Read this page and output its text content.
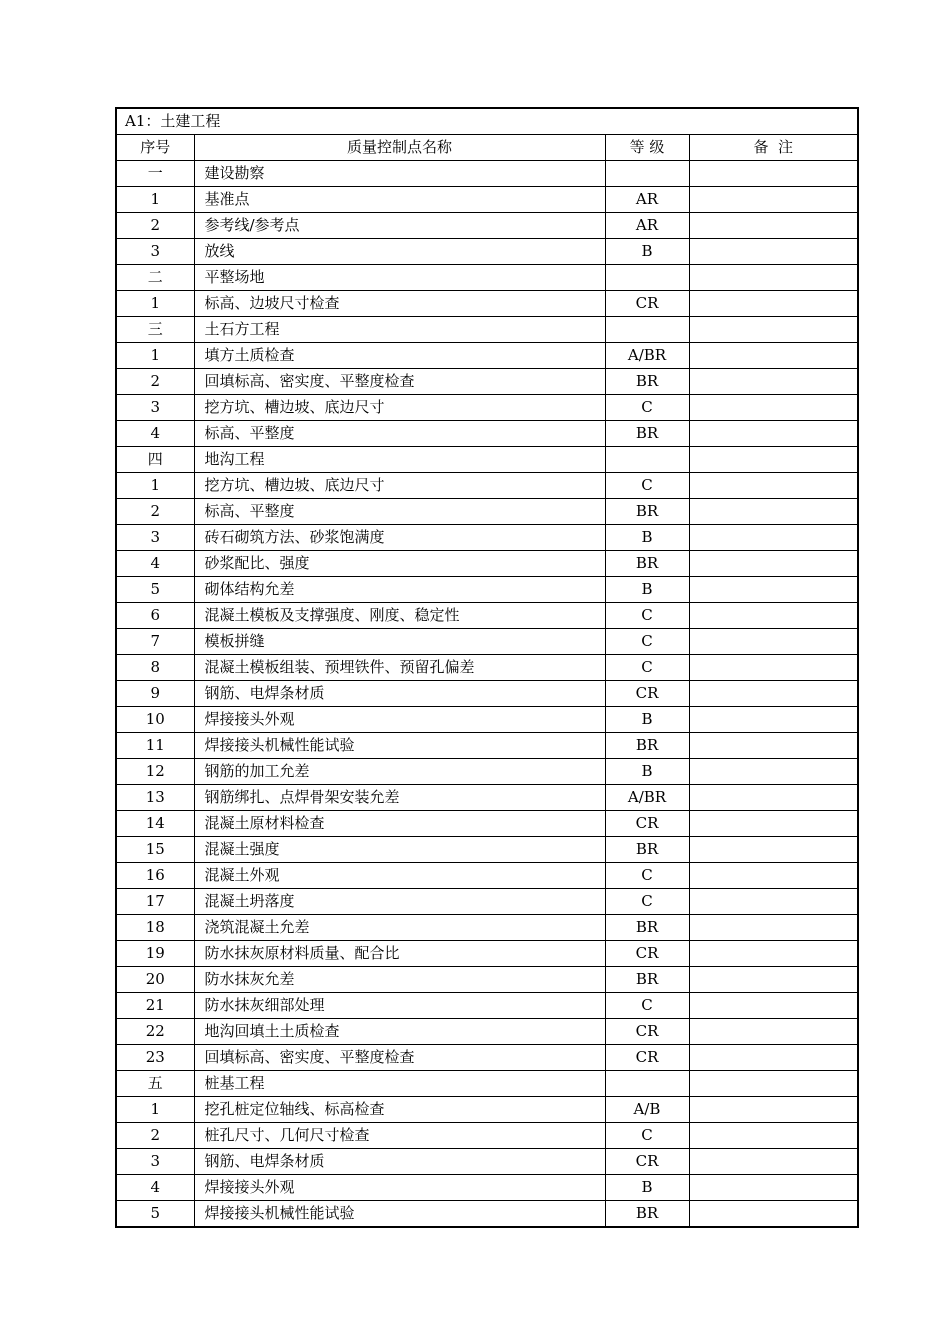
A1：土建工程			
序号	质量控制点名称	等 级	备  注
一	建设勘察		
1	基准点	AR	
2	参考线/参考点	AR	
3	放线	B	
二	平整场地		
1	标高、边坡尺寸检查	CR	
三	土石方工程		
1	填方土质检查	A/BR	
2	回填标高、密实度、平整度检查	BR	
3	挖方坑、槽边坡、底边尺寸	C	
4	标高、平整度	BR	
四	地沟工程		
1	挖方坑、槽边坡、底边尺寸	C	
2	标高、平整度	BR	
3	砖石砌筑方法、砂浆饱满度	B	
4	砂浆配比、强度	BR	
5	砌体结构允差	B	
6	混凝土模板及支撑强度、刚度、稳定性	C	
7	模板拼缝	C	
8	混凝土模板组装、预埋铁件、预留孔偏差	C	
9	钢筋、电焊条材质	CR	
10	焊接接头外观	B	
11	焊接接头机械性能试验	BR	
12	钢筋的加工允差	B	
13	钢筋绑扎、点焊骨架安装允差	A/BR	
14	混凝土原材料检查	CR	
15	混凝土强度	BR	
16	混凝土外观	C	
17	混凝土坍落度	C	
18	浇筑混凝土允差	BR	
19	防水抹灰原材料质量、配合比	CR	
20	防水抹灰允差	BR	
21	防水抹灰细部处理	C	
22	地沟回填土土质检查	CR	
23	回填标高、密实度、平整度检查	CR	
五	桩基工程		
1	挖孔桩定位轴线、标高检查	A/B	
2	桩孔尺寸、几何尺寸检查	C	
3	钢筋、电焊条材质	CR	
4	焊接接头外观	B	
5	焊接接头机械性能试验	BR	
